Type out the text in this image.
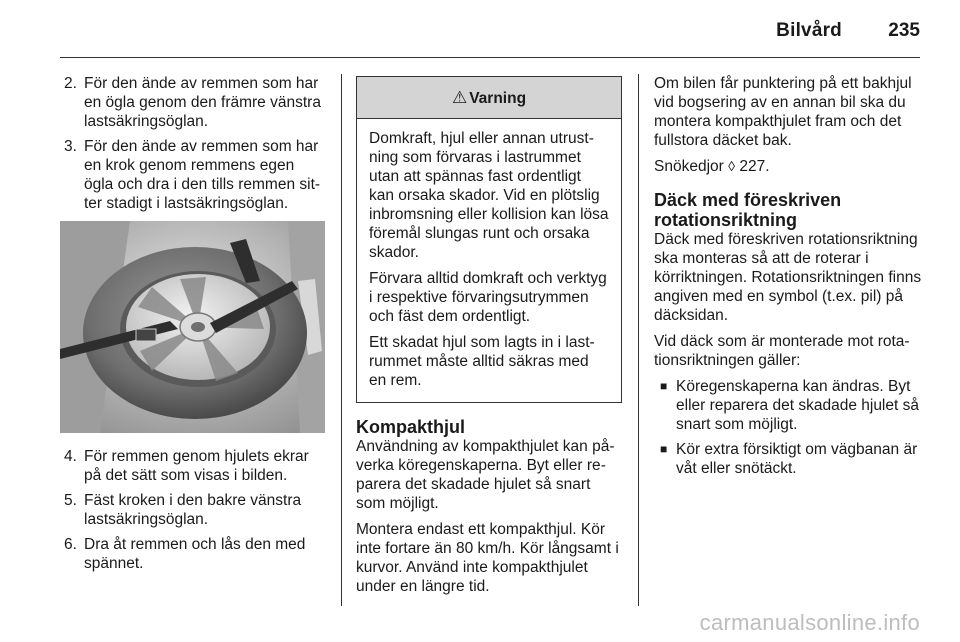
Bilvård 235
2. För den ände av remmen som har en ögla genom den främre vänstra lastsäkringsöglan.
3. För den ände av remmen som har en krok genom remmens egen ögla och dra i den tills remmen sitter stadigt i lastsäkringsöglan.
4. För remmen genom hjulets ekrar på det sätt som visas i bilden.
5. Fäst kroken i den bakre vänstra lastsäkringsöglan.
6. Dra åt remmen och lås den med spännet.
⚠ Varning

Domkraft, hjul eller annan utrustning som förvaras i lastrummet utan att spännas fast ordentligt kan orsaka skador. Vid en plötslig inbromsning eller kollision kan lösa föremål slungas runt och orsaka skador.

Förvara alltid domkraft och verktyg i respektive förvaringsutrymmen och fäst dem ordentligt.

Ett skadat hjul som lagts in i lastrummet måste alltid säkras med en rem.

Kompakthjul

Användning av kompakthjulet kan påverka köregenskaperna. Byt eller reparera det skadade hjulet så snart som möjligt.

Montera endast ett kompakthjul. Kör inte fortare än 80 km/h. Kör långsamt i kurvor. Använd inte kompakthjulet under en längre tid.

Om bilen får punktering på ett bakhjul vid bogsering av en annan bil ska du montera kompakthjulet fram och det fullstora däcket bak.

Snökedjor ◊ 227.

Däck med föreskriven rotationsriktning

Däck med föreskriven rotationsriktning ska monteras så att de roterar i körriktningen. Rotationsriktningen finns angiven med en symbol (t.ex. pil) på däcksidan.

Vid däck som är monterade mot rotationsriktningen gäller:

■ Köregenskaperna kan ändras. Byt eller reparera det skadade hjulet så snart som möjligt.
■ Kör extra försiktigt om vägbanan är våt eller snötäckt.
carmanualsonline.info
